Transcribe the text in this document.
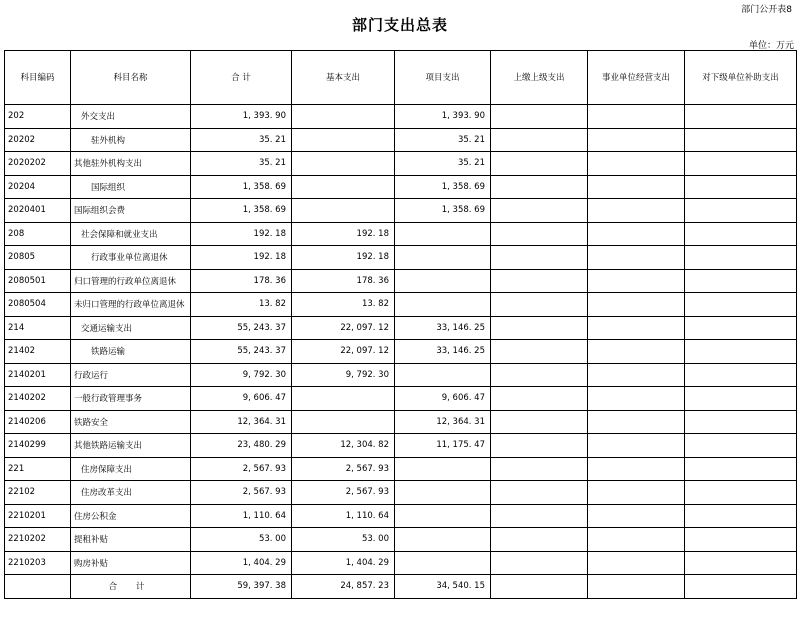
部门公开表8
部门支出总表
单位：万元
科目编码	科目名称	合 计	基本支出	项目支出	上缴上级支出	事业单位经营支出	对下级单位补助支出
202	外交支出	1, 393. 90		1, 393. 90			
20202	驻外机构	35. 21		35. 21			
2020202	其他驻外机构支出	35. 21		35. 21			
20204	国际组织	1, 358. 69		1, 358. 69			
2020401	国际组织会费	1, 358. 69		1, 358. 69			
208	社会保障和就业支出	192. 18	192. 18				
20805	行政事业单位离退休	192. 18	192. 18				
2080501	归口管理的行政单位离退休	178. 36	178. 36				
2080504	未归口管理的行政单位离退休	13. 82	13. 82				
214	交通运输支出	55, 243. 37	22, 097. 12	33, 146. 25			
21402	铁路运输	55, 243. 37	22, 097. 12	33, 146. 25			
2140201	行政运行	9, 792. 30	9, 792. 30				
2140202	一般行政管理事务	9, 606. 47		9, 606. 47			
2140206	铁路安全	12, 364. 31		12, 364. 31			
2140299	其他铁路运输支出	23, 480. 29	12, 304. 82	11, 175. 47			
221	住房保障支出	2, 567. 93	2, 567. 93				
22102	住房改革支出	2, 567. 93	2, 567. 93				
2210201	住房公积金	1, 110. 64	1, 110. 64				
2210202	提租补贴	53. 00	53. 00				
2210203	购房补贴	1, 404. 29	1, 404. 29				
	合 计	59, 397. 38	24, 857. 23	34, 540. 15			
